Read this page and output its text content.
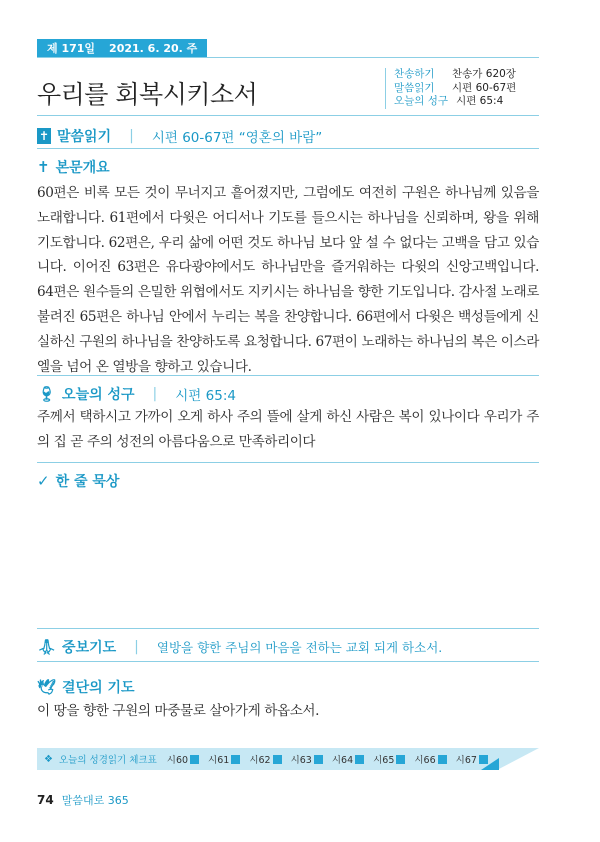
제 171일 2021. 6. 20. 주
우리를 회복시키소서
찬송하기	찬송가 620장
말씀읽기	시편 60-67편
오늘의 성구 시편 65:4
✝ 말씀읽기 | 시편 60-67편 “영혼의 바람”
✝ 본문개요
60편은 비록 모든 것이 무너지고 흩어졌지만, 그럼에도 여전히 구원은 하나님께 있음을 노래합니다. 61편에서 다윗은 어디서나 기도를 들으시는 하나님을 신뢰하며, 왕을 위해 기도합니다. 62편은, 우리 삶에 어떤 것도 하나님 보다 앞 설 수 없다는 고백을 담고 있습니다. 이어진 63편은 유다광야에서도 하나님만을 즐거워하는 다윗의 신앙고백입니다. 64편은 원수들의 은밀한 위협에서도 지키시는 하나님을 향한 기도입니다. 감사절 노래로 불려진 65편은 하나님 안에서 누리는 복을 찬양합니다. 66편에서 다윗은 백성들에게 신실하신 구원의 하나님을 찬양하도록 요청합니다. 67편이 노래하는 하나님의 복은 이스라엘을 넘어 온 열방을 향하고 있습니다.
🍷︎ 오늘의 성구 | 시편 65:4
주께서 택하시고 가까이 오게 하사 주의 뜰에 살게 하신 사람은 복이 있나이다 우리가 주의 집 곧 주의 성전의 아름다움으로 만족하리이다
✓ 한 줄 묵상
🙏︎ 중보기도 | 열방을 향한 주님의 마음을 전하는 교회 되게 하소서.
🕊︎ 결단의 기도
이 땅을 향한 구원의 마중물로 살아가게 하옵소서.
❖ 오늘의 성경읽기 체크표 시60 시61 시62 시63 시64 시65 시66 시67
74 말씀대로 365
